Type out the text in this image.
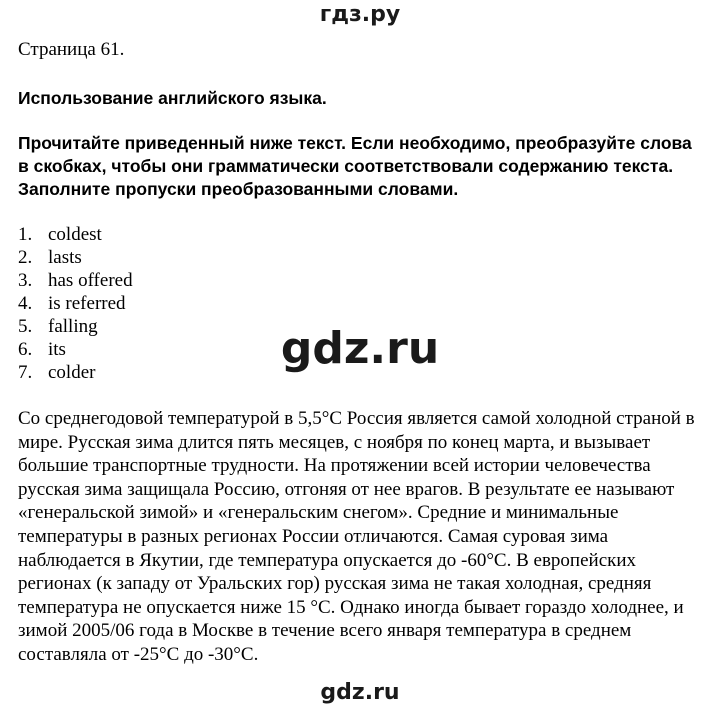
гдз.ру

Страница 61.

Использование английского языка.

Прочитайте приведенный ниже текст. Если необходимо, преобразуйте слова в скобках, чтобы они грамматически соответствовали содержанию текста. Заполните пропуски преобразованными словами.

1. coldest
2. lasts
3. has offered
4. is referred
5. falling
6. its
7. colder

Со среднегодовой температурой в 5,5°C Россия является самой холодной страной в мире. Русская зима длится пять месяцев, с ноября по конец марта, и вызывает большие транспортные трудности. На протяжении всей истории человечества русская зима защищала Россию, отгоняя от нее врагов. В результате ее называют «генеральской зимой» и «генеральским снегом». Средние и минимальные температуры в разных регионах России отличаются. Самая суровая зима наблюдается в Якутии, где температура опускается до -60°C. В европейских регионах (к западу от Уральских гор) русская зима не такая холодная, средняя температура не опускается ниже 15 °C. Однако иногда бывает гораздо холоднее, и зимой 2005/06 года в Москве в течение всего января температура в среднем составляла от -25°C до -30°C.

gdz.ru
gdz.ru
